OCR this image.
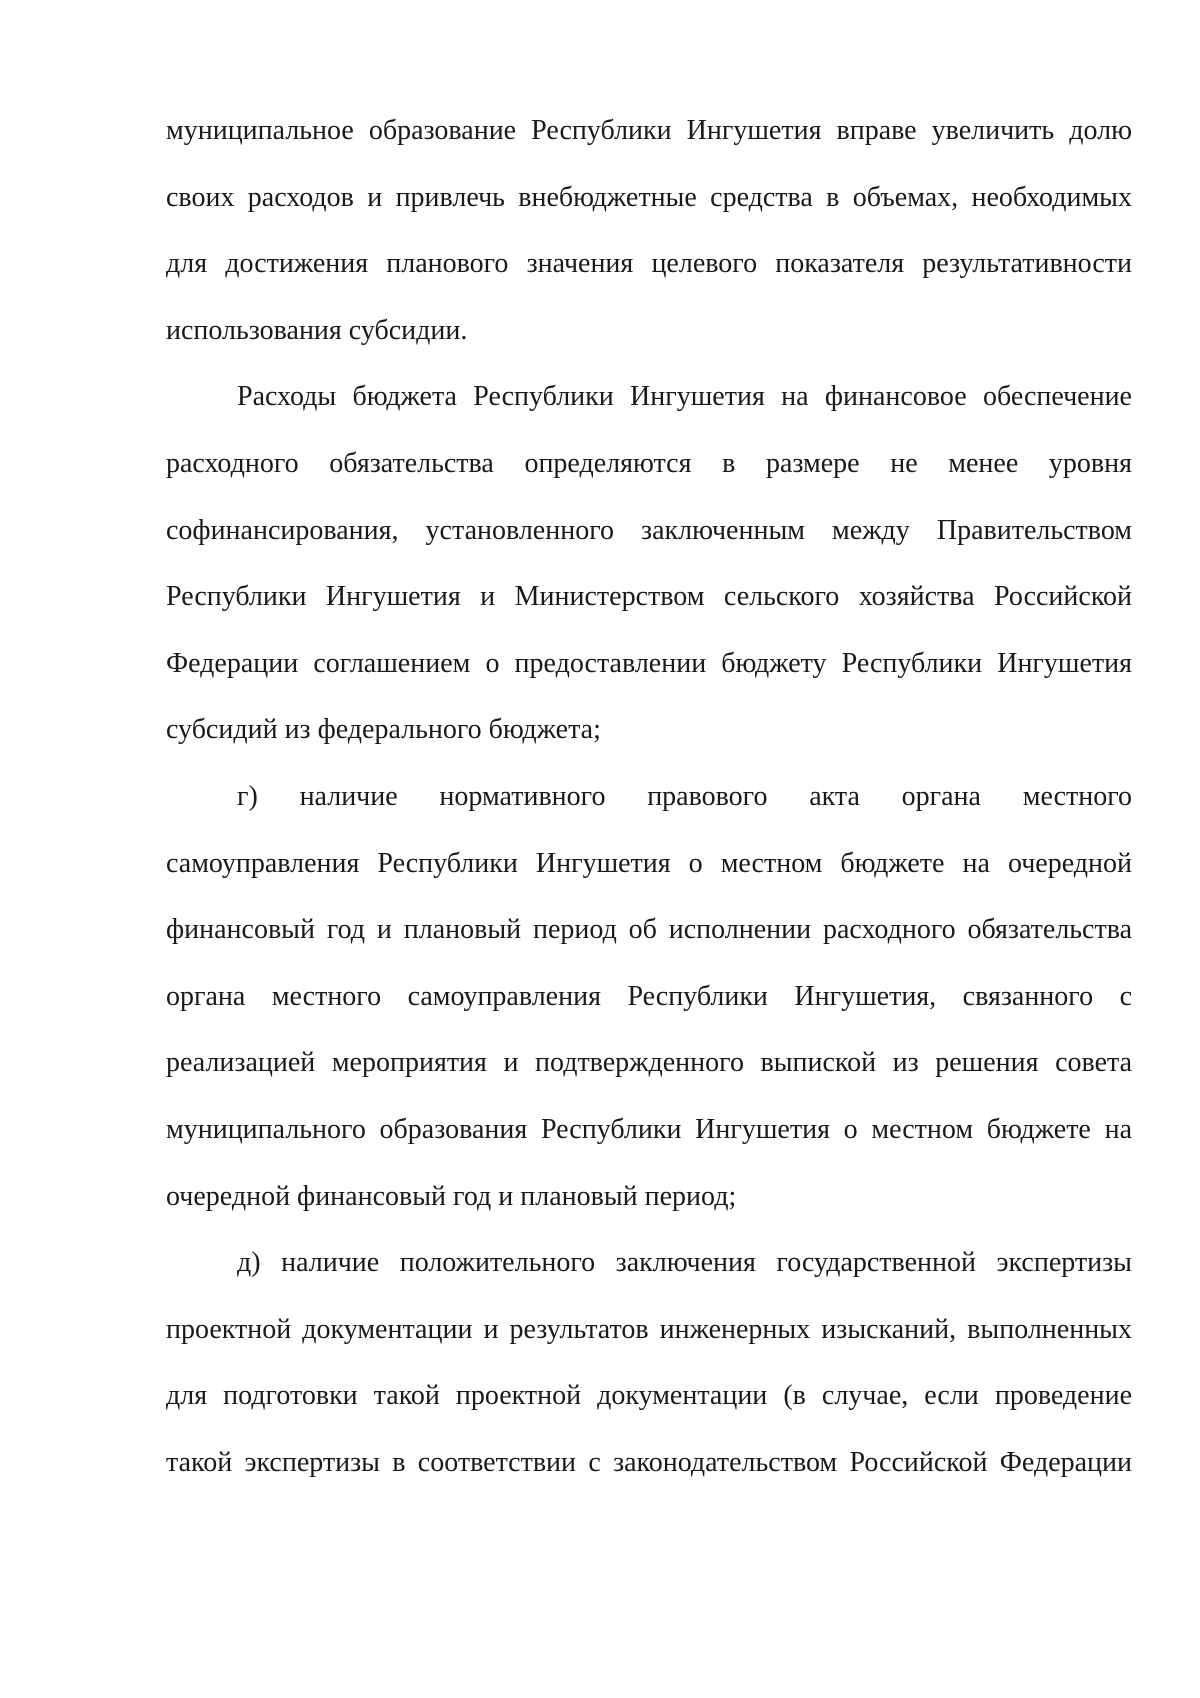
муниципальное образование Республики Ингушетия вправе увеличить долю
своих расходов и привлечь внебюджетные средства в объемах, необходимых
для достижения планового значения целевого показателя результативности
использования субсидии.
Расходы бюджета Республики Ингушетия на финансовое обеспечение
расходного обязательства определяются в размере не менее уровня
софинансирования, установленного заключенным между Правительством
Республики Ингушетия и Министерством сельского хозяйства Российской
Федерации соглашением о предоставлении бюджету Республики Ингушетия
субсидий из федерального бюджета;
г) наличие нормативного правового акта органа местного
самоуправления Республики Ингушетия о местном бюджете на очередной
финансовый год и плановый период об исполнении расходного обязательства
органа местного самоуправления Республики Ингушетия, связанного с
реализацией мероприятия и подтвержденного выпиской из решения совета
муниципального образования Республики Ингушетия о местном бюджете на
очередной финансовый год и плановый период;
д) наличие положительного заключения государственной экспертизы
проектной документации и результатов инженерных изысканий, выполненных
для подготовки такой проектной документации (в случае, если проведение
такой экспертизы в соответствии с законодательством Российской Федерации
